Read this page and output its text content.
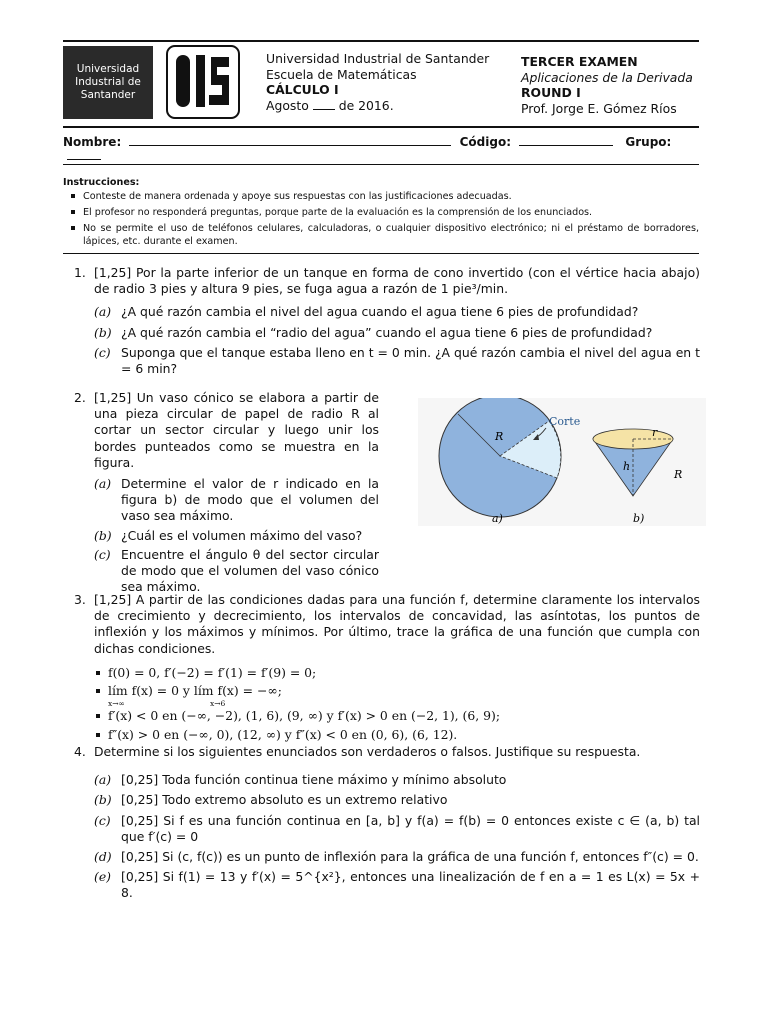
Universidad
Industrial de
Santander
Universidad Industrial de Santander
Escuela de Matemáticas
CÁLCULO I
Agosto de 2016.
TERCER EXAMEN
Aplicaciones de la Derivada
ROUND I
Prof. Jorge E. Gómez Ríos
Nombre:	Código:	Grupo:
Instrucciones:
Conteste de manera ordenada y apoye sus respuestas con las justificaciones adecuadas.
El profesor no responderá preguntas, porque parte de la evaluación es la comprensión de los enunciados.
No se permite el uso de teléfonos celulares, calculadoras, o cualquier dispositivo electrónico; ni el préstamo de borradores, lápices, etc. durante el examen.
1. [1,25] Por la parte inferior de un tanque en forma de cono invertido (con el vértice hacia abajo) de radio 3 pies y altura 9 pies, se fuga agua a razón de 1 pie³/min.
(a) ¿A qué razón cambia el nivel del agua cuando el agua tiene 6 pies de profundidad?
(b) ¿A qué razón cambia el “radio del agua” cuando el agua tiene 6 pies de profundidad?
(c) Suponga que el tanque estaba lleno en t = 0 min. ¿A qué razón cambia el nivel del agua en t = 6 min?
2. [1,25] Un vaso cónico se elabora a partir de una pieza circular de papel de radio R al cortar un sector circular y luego unir los bordes punteados como se muestra en la figura.
(a) Determine el valor de r indicado en la figura b) de modo que el volumen del vaso sea máximo.
(b) ¿Cuál es el volumen máximo del vaso?
(c) Encuentre el ángulo θ del sector circular de modo que el volumen del vaso cónico sea máximo.
R
Corte
a)
r
h
R
b)
3. [1,25] A partir de las condiciones dadas para una función f, determine claramente los intervalos de crecimiento y decrecimiento, los intervalos de concavidad, las asíntotas, los puntos de inflexión y los máximos y mínimos. Por último, trace la gráfica de una función que cumpla con dichas condiciones.
f(0) = 0, f′(−2) = f′(1) = f′(9) = 0;
lím f(x) = 0 y lím f(x) = −∞;
x→∞	x→6
f′(x) < 0 en (−∞, −2), (1, 6), (9, ∞) y f′(x) > 0 en (−2, 1), (6, 9);
f″(x) > 0 en (−∞, 0), (12, ∞) y f″(x) < 0 en (0, 6), (6, 12).
4. Determine si los siguientes enunciados son verdaderos o falsos. Justifique su respuesta.
(a) [0,25] Toda función continua tiene máximo y mínimo absoluto
(b) [0,25] Todo extremo absoluto es un extremo relativo
(c) [0,25] Si f es una función continua en [a, b] y f(a) = f(b) = 0 entonces existe c ∈ (a, b) tal que f′(c) = 0
(d) [0,25] Si (c, f(c)) es un punto de inflexión para la gráfica de una función f, entonces f″(c) = 0.
(e) [0,25] Si f(1) = 13 y f′(x) = 5^{x²}, entonces una linealización de f en a = 1 es L(x) = 5x + 8.
